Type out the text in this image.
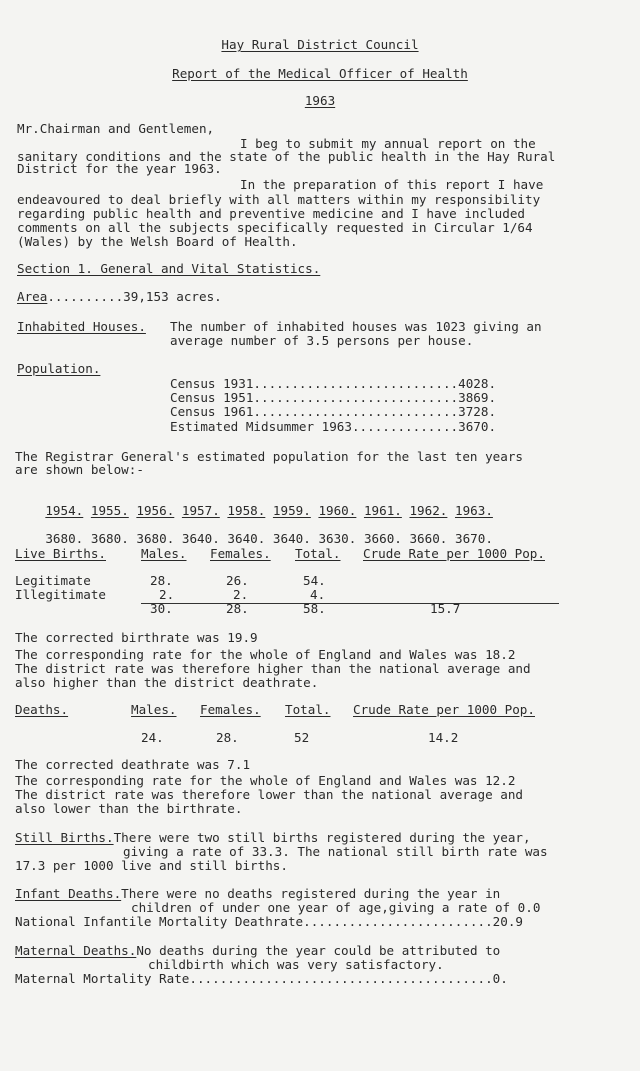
Hay Rural District Council
Report of the Medical Officer of Health
1963
Mr.Chairman and Gentlemen,
I beg to submit my annual report on the
sanitary conditions and the state of the public health in the Hay Rural
District for the year 1963.
In the preparation of this report I have
endeavoured to deal briefly with all matters within my responsibility
regarding public health and preventive medicine and I have included
comments on all the subjects specifically requested in Circular 1/64
(Wales) by the Welsh Board of Health.
Section 1. General and Vital Statistics.
Area..........39,153 acres.
Inhabited Houses. The number of inhabited houses was 1023 giving an
average number of 3.5 persons per house.
Population.
Census 1931...........................4028.
Census 1951...........................3869.
Census 1961...........................3728.
Estimated Midsummer 1963..............3670.
The Registrar General's estimated population for the last ten years
are shown below:-

1954. 1955. 1956. 1957. 1958. 1959. 1960. 1961. 1962. 1963.

3680. 3680. 3680. 3640. 3640. 3640. 3630. 3660. 3660. 3670.

Live Births.	Males. Females. Total. Crude Rate per 1000 Pop.
Legitimate	28.	26.	54.
Illegitimate	2.	2.	4.
30.	28.	58.	15.7
The corrected birthrate was 19.9
The corresponding rate for the whole of England and Wales was 18.2
The district rate was therefore higher than the national average and
also higher than the district deathrate.
Deaths.	Males. Females. Total. Crude Rate per 1000 Pop.
24.	28.	52	14.2
The corrected deathrate was 7.1
The corresponding rate for the whole of England and Wales was 12.2
The district rate was therefore lower than the national average and
also lower than the birthrate.
Still Births.There were two still births registered during the year,
giving a rate of 33.3. The national still birth rate was
17.3 per 1000 live and still births.
Infant Deaths.There were no deaths registered during the year in
children of under one year of age,giving a rate of 0.0
National Infantile Mortality Deathrate.........................20.9
Maternal Deaths.No deaths during the year could be attributed to
childbirth which was very satisfactory.
Maternal Mortality Rate........................................0.
